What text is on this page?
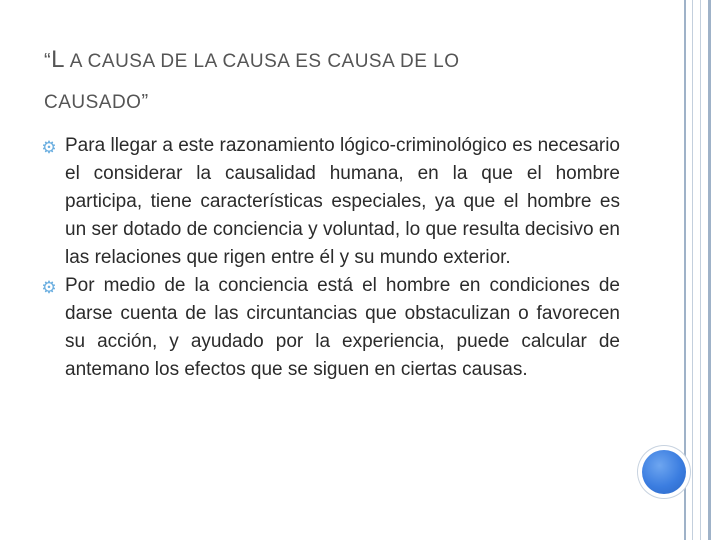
“L A CAUSA DE LA CAUSA ES CAUSA DE LO
CAUSADO”
⚙ Para llegar a este razonamiento lógico-criminológico es necesario el considerar la causalidad humana, en la que el hombre participa, tiene características especiales, ya que el hombre es un ser dotado de conciencia y voluntad, lo que resulta decisivo en las relaciones que rigen entre él y su mundo exterior.
⚙ Por medio de la conciencia está el hombre en condiciones de darse cuenta de las circuntancias que obstaculizan o favorecen su acción, y ayudado por la experiencia, puede calcular de antemano los efectos que se siguen en ciertas causas.
